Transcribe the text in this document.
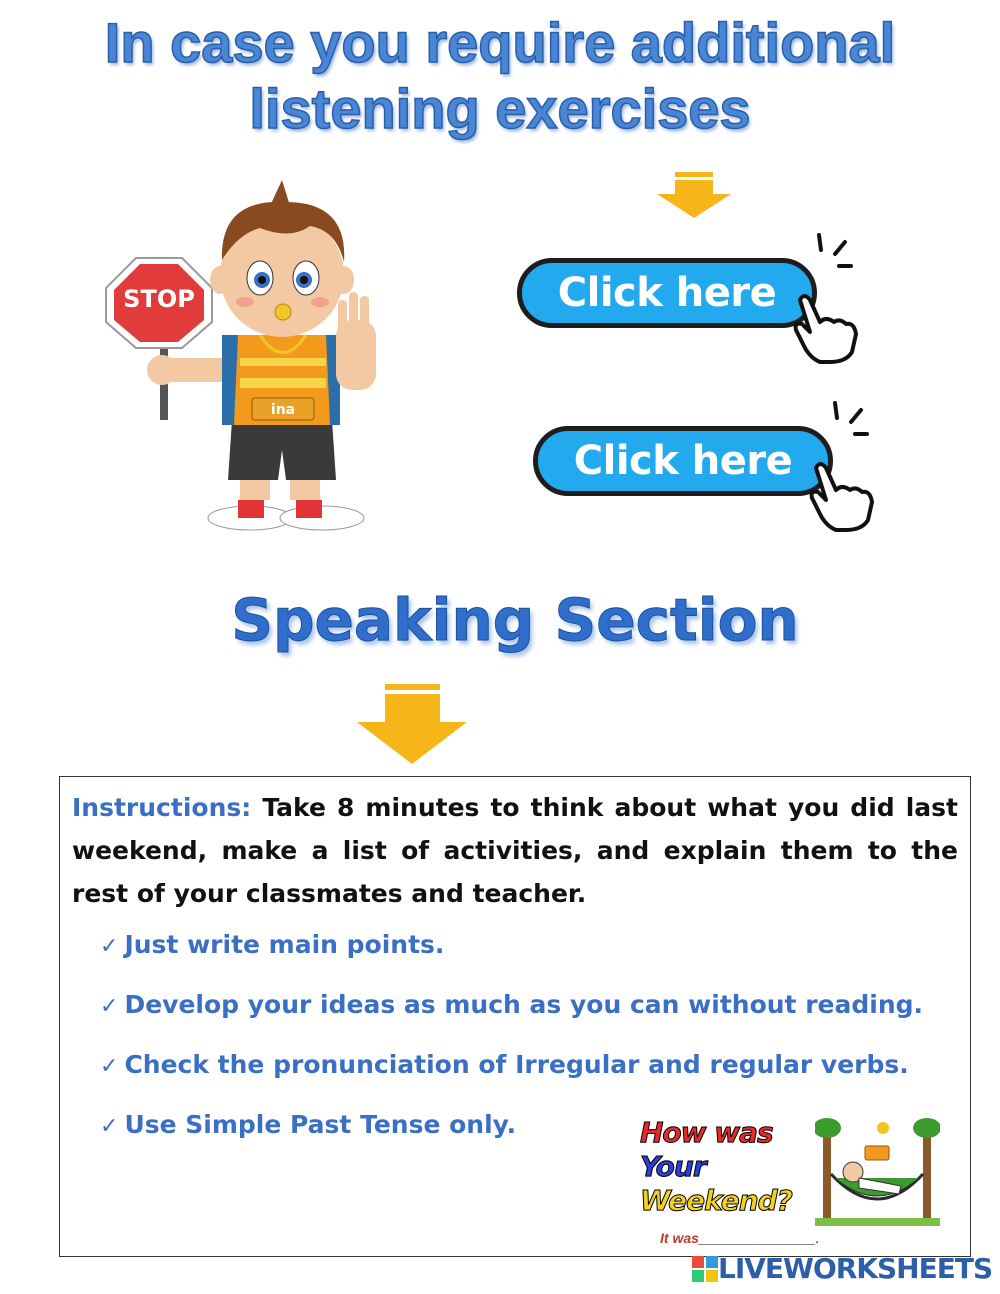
In case you require additional
listening exercises
STOP
ina
Click here
Click here
Speaking Section
Instructions: Take 8 minutes to think about what you did last weekend, make a list of activities, and explain them to the rest of your classmates and teacher.
✓ Just write main points.
✓ Develop your ideas as much as you can without reading.
✓ Check the pronunciation of Irregular and regular verbs.
✓ Use Simple Past Tense only.	How was
Your
Weekend?
It was_______________.
LIVEWORKSHEETS
